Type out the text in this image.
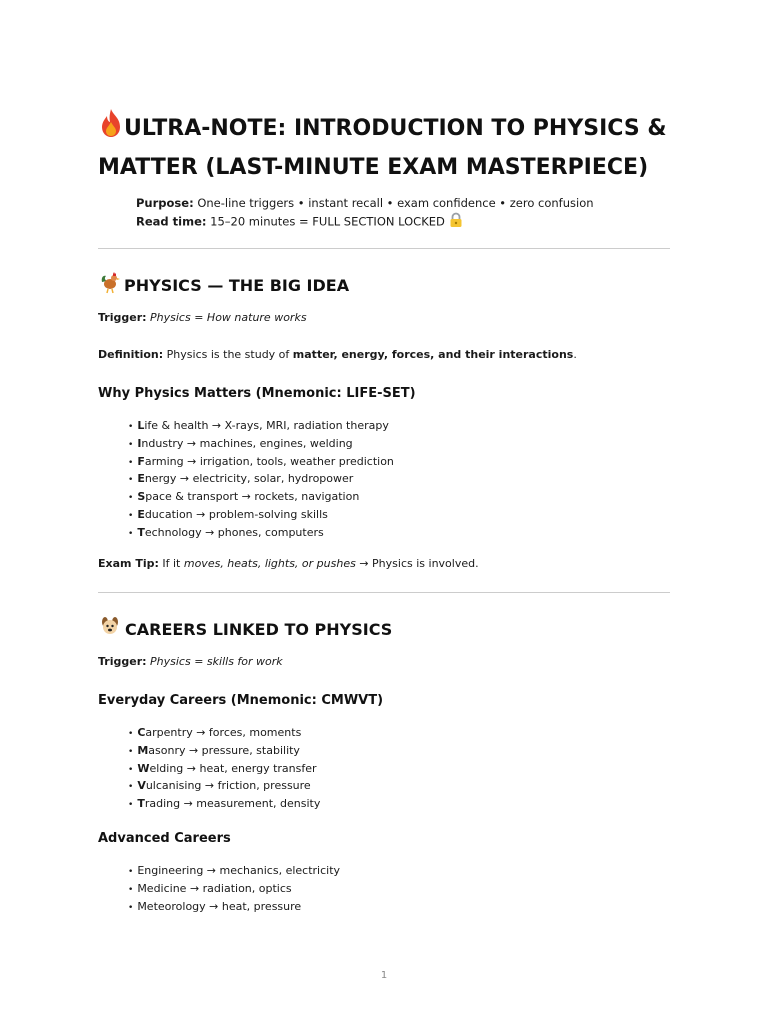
ULTRA-NOTE: INTRODUCTION TO PHYSICS &
MATTER (LAST-MINUTE EXAM MASTERPIECE)
Purpose: One-line triggers • instant recall • exam confidence • zero confusion
Read time: 15–20 minutes = FULL SECTION LOCKED
PHYSICS — THE BIG IDEA

Trigger: Physics = How nature works

Definition: Physics is the study of matter, energy, forces, and their interactions.

Why Physics Matters (Mnemonic: LIFE-SET)
• Life & health → X-rays, MRI, radiation therapy
• Industry → machines, engines, welding
• Farming → irrigation, tools, weather prediction
• Energy → electricity, solar, hydropower
• Space & transport → rockets, navigation
• Education → problem-solving skills
• Technology → phones, computers

Exam Tip: If it moves, heats, lights, or pushes → Physics is involved.

CAREERS LINKED TO PHYSICS

Trigger: Physics = skills for work

Everyday Careers (Mnemonic: CMWVT)
• Carpentry → forces, moments
• Masonry → pressure, stability
• Welding → heat, energy transfer
• Vulcanising → friction, pressure
• Trading → measurement, density
Advanced Careers
• Engineering → mechanics, electricity
• Medicine → radiation, optics
• Meteorology → heat, pressure
1
